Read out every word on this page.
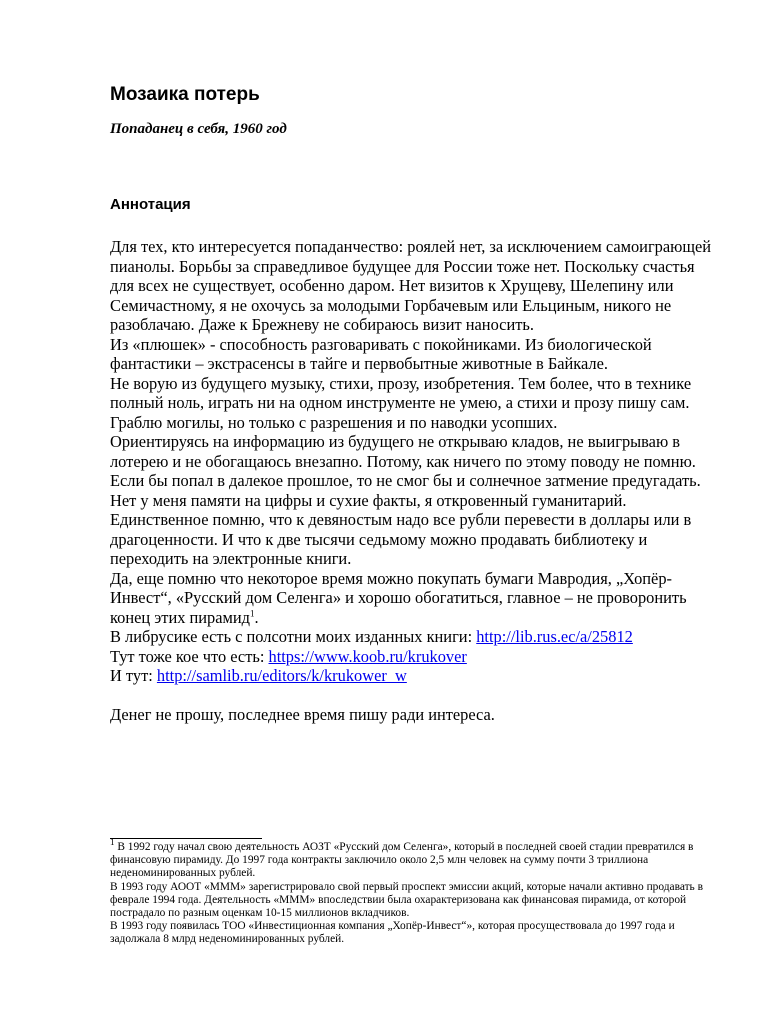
Мозаика потерь
Попаданец в себя, 1960 год
Аннотация

Для тех, кто интересуется попаданчество: роялей нет, за исключением самоиграющей пианолы. Борьбы за справедливое будущее для России тоже нет. Поскольку счастья для всех не существует, особенно даром. Нет визитов к Хрущеву, Шелепину или Семичастному, я не охочусь за молодыми Горбачевым или Ельциным, никого не разоблачаю. Даже к Брежневу не собираюсь визит наносить.

Из «плюшек» - способность разговаривать с покойниками. Из биологической фантастики – экстрасенсы в тайге и первобытные животные в Байкале.

Не ворую из будущего музыку, стихи, прозу, изобретения. Тем более, что в технике полный ноль, играть ни на одном инструменте не умею, а стихи и прозу пишу сам.

Граблю могилы, но только с разрешения и по наводки усопших.

Ориентируясь на информацию из будущего не открываю кладов, не выигрываю в лотерею и не обогащаюсь внезапно. Потому, как ничего по этому поводу не помню. Если бы попал в далекое прошлое, то не смог бы и солнечное затмение предугадать. Нет у меня памяти на цифры и сухие факты, я откровенный гуманитарий.

Единственное помню, что к девяностым надо все рубли перевести в доллары или в драгоценности. И что к две тысячи седьмому можно продавать библиотеку и переходить на электронные книги.

Да, еще помню что некоторое время можно покупать бумаги Мавродия, „Хопёр-Инвест“, «Русский дом Селенга» и хорошо обогатиться, главное – не проворонить конец этих пирамид$^1$.

В либрусике есть с полсотни моих изданных книги: http://lib.rus.ec/a/25812

Тут тоже кое что есть: https://www.koob.ru/krukover

И тут: http://samlib.ru/editors/k/krukower_w

Денег не прошу, последнее время пишу ради интереса.

$^1$ В 1992 году начал свою деятельность АОЗТ «Русский дом Селенга», который в последней своей стадии превратился в финансовую пирамиду. До 1997 года контракты заключило около 2,5 млн человек на сумму почти 3 триллиона неденоминированных рублей.

В 1993 году АООТ «МММ» зарегистрировало свой первый проспект эмиссии акций, которые начали активно продавать в феврале 1994 года. Деятельность «МММ» впоследствии была охарактеризована как финансовая пирамида, от которой пострадало по разным оценкам 10-15 миллионов вкладчиков.

В 1993 году появилась ТОО «Инвестиционная компания „Хопёр-Инвест“», которая просуществовала до 1997 года и задолжала 8 млрд неденоминированных рублей.
